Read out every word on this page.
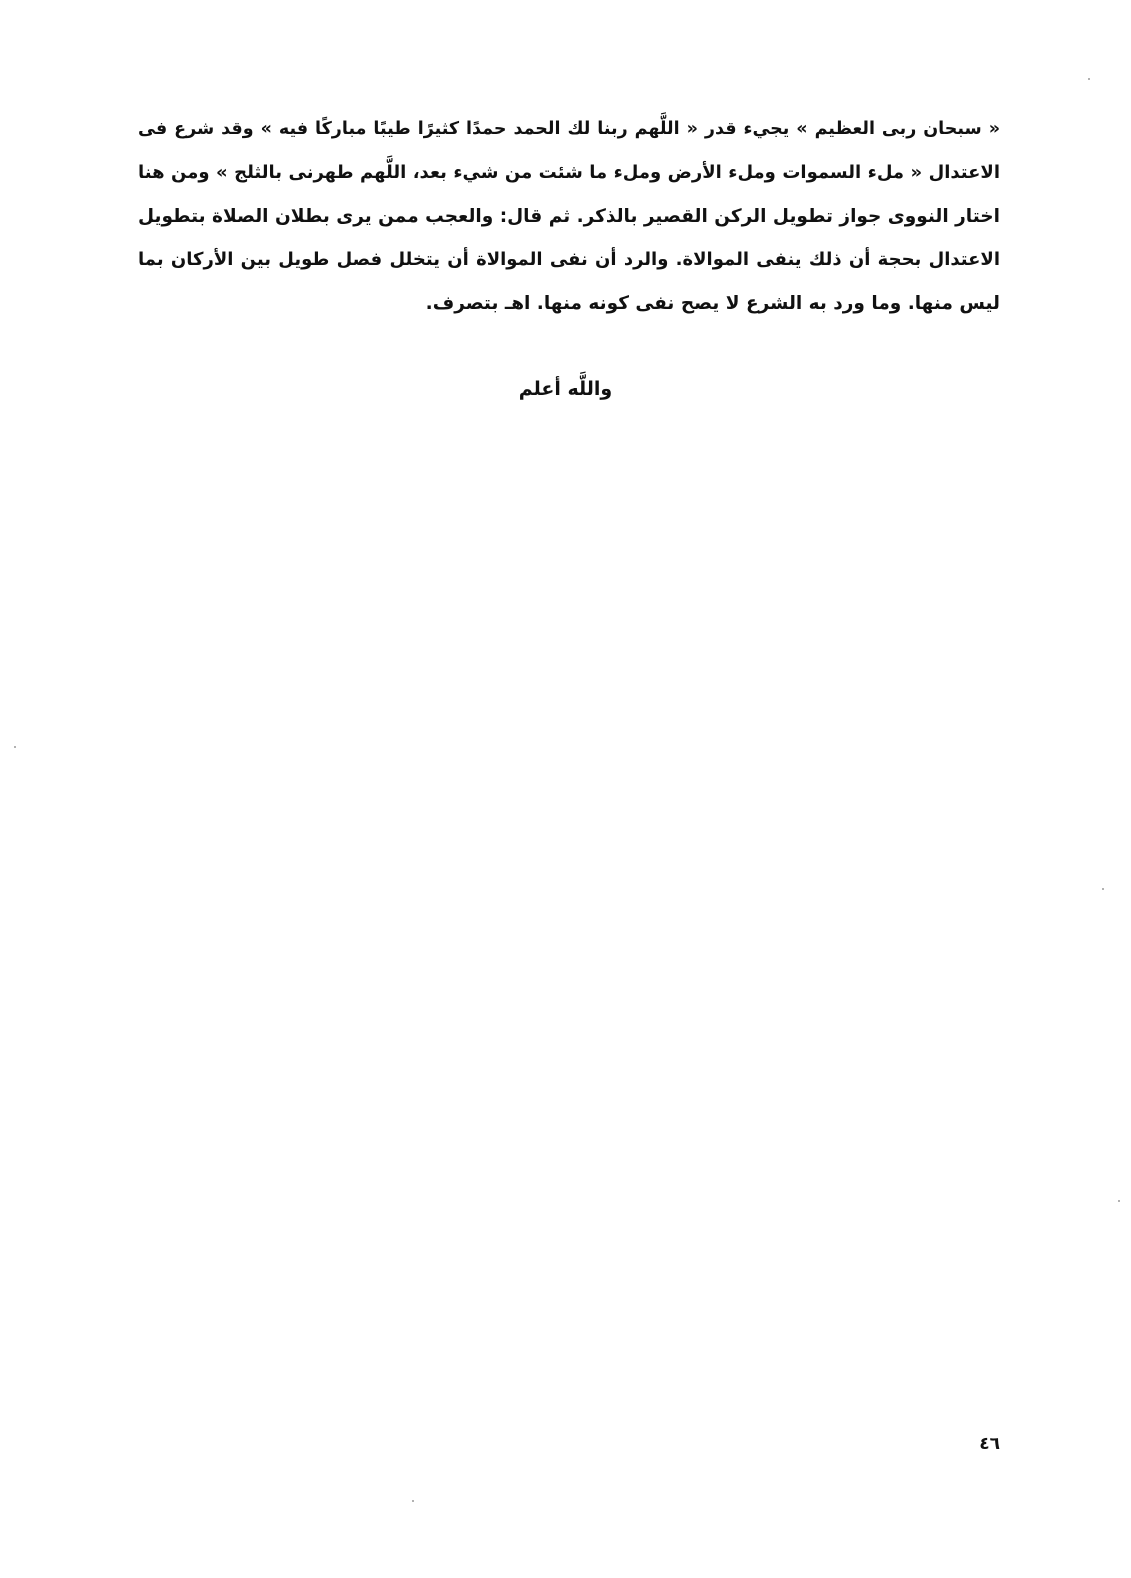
« سبحان ربى العظيم » يجيء قدر « اللَّهم ربنا لك الحمد حمدًا كثيرًا طيبًا مباركًا فيه » وقد شرع فى
الاعتدال « ملء السموات وملء الأرض وملء ما شئت من شيء بعد، اللَّهم طهرنى بالثلج » ومن هنا
اختار النووى جواز تطويل الركن القصير بالذكر. ثم قال: والعجب ممن يرى بطلان الصلاة بتطويل
الاعتدال بحجة أن ذلك ينفى الموالاة. والرد أن نفى الموالاة أن يتخلل فصل طويل بين الأركان بما
ليس منها. وما ورد به الشرع لا يصح نفى كونه منها. اهـ بتصرف.
واللَّه أعلم
٤٦
